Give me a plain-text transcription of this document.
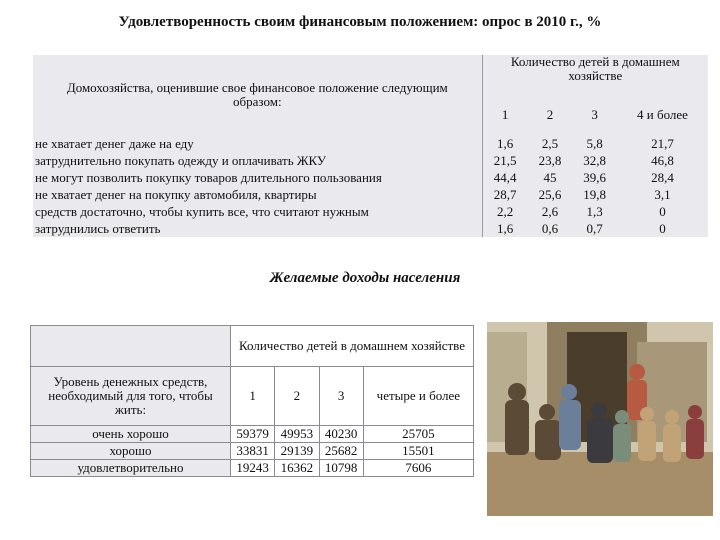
Удовлетворенность своим финансовым положением: опрос в 2010 г., %
Домохозяйства, оценившие свое финансовое положение следующим образом:	Количество детей в домашнем хозяйстве			
	1	2	3	4 и более
не хватает денег даже на еду	1,6	2,5	5,8	21,7
затруднительно покупать одежду и оплачивать ЖКУ	21,5	23,8	32,8	46,8
не могут позволить покупку товаров длительного пользования	44,4	45	39,6	28,4
не хватает денег на покупку автомобиля, квартиры	28,7	25,6	19,8	3,1
средств достаточно, чтобы купить все, что считают нужным	2,2	2,6	1,3	0
затруднились ответить	1,6	0,6	0,7	0
Желаемые доходы населения
	Количество детей в домашнем хозяйстве			
Уровень денежных средств, необходимый для того, чтобы жить:	1	2	3	четыре и более
очень хорошо	59379	49953	40230	25705
хорошо	33831	29139	25682	15501
удовлетворительно	19243	16362	10798	7606
